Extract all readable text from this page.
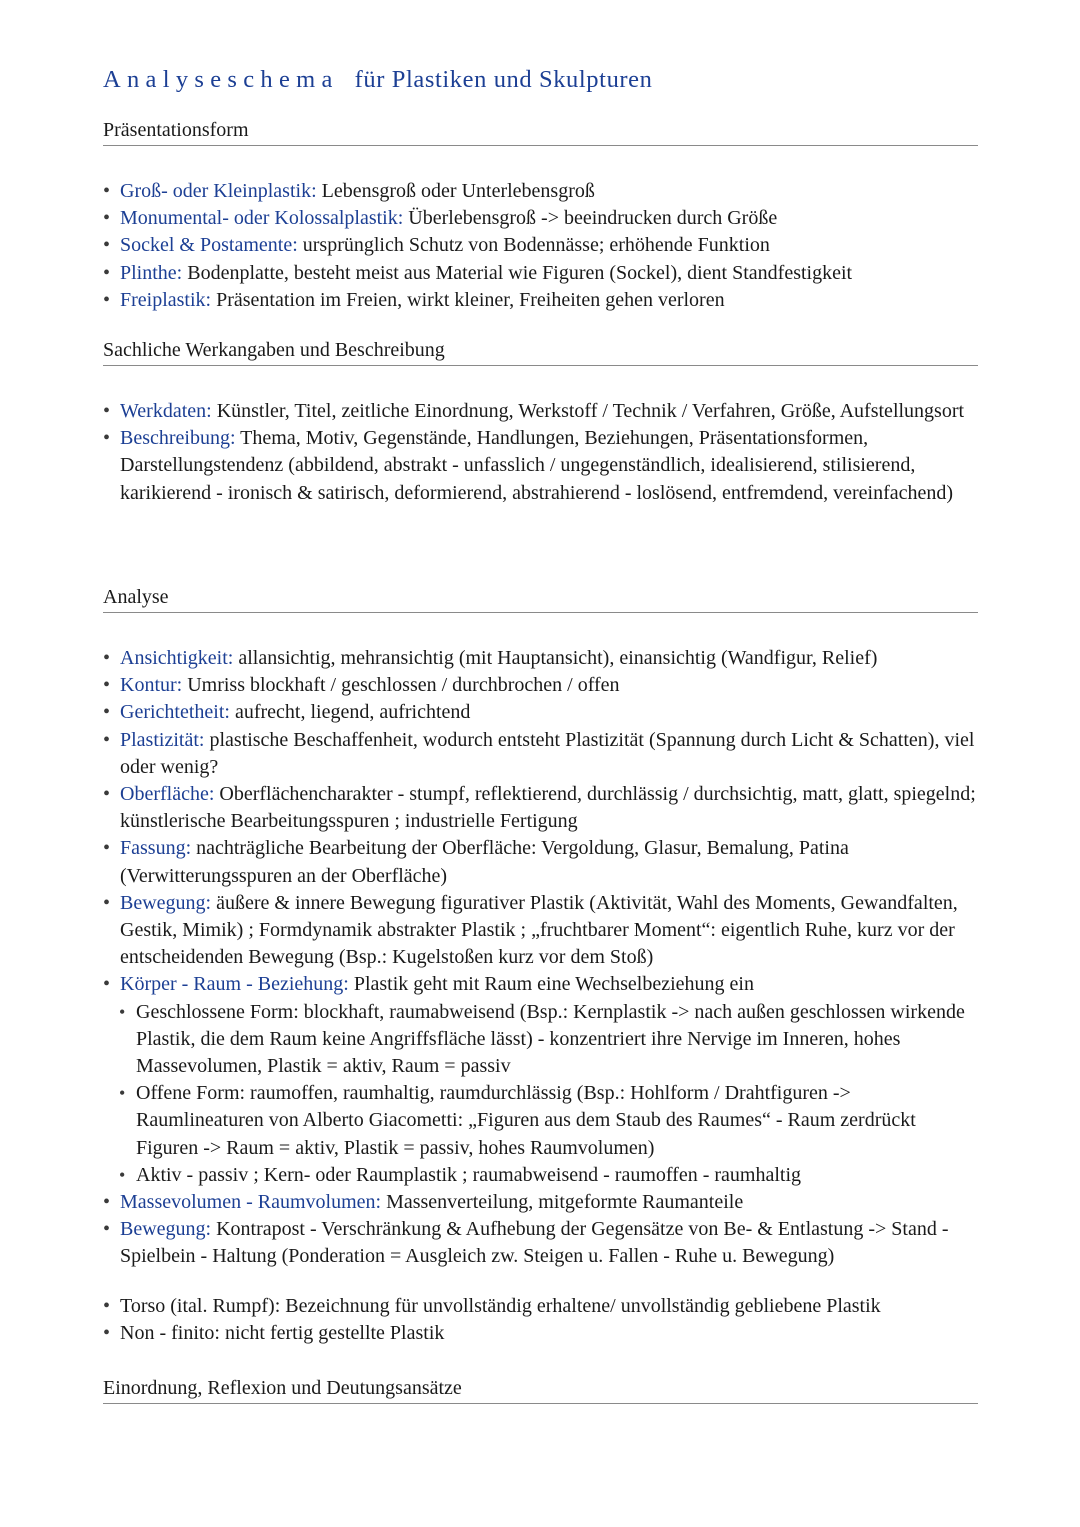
Analyseschema für Plastiken und Skulpturen
Präsentationsform
• Groß- oder Kleinplastik: Lebensgroß oder Unterlebensgroß
• Monumental- oder Kolossalplastik: Überlebensgroß -> beeindrucken durch Größe
• Sockel & Postamente: ursprünglich Schutz von Bodennässe; erhöhende Funktion
• Plinthe: Bodenplatte, besteht meist aus Material wie Figuren (Sockel), dient Standfestigkeit
• Freiplastik: Präsentation im Freien, wirkt kleiner, Freiheiten gehen verloren
Sachliche Werkangaben und Beschreibung
• Werkdaten: Künstler, Titel, zeitliche Einordnung, Werkstoff / Technik / Verfahren, Größe, Aufstellungsort
• Beschreibung: Thema, Motiv, Gegenstände, Handlungen, Beziehungen, Präsentationsformen, Darstellungstendenz (abbildend, abstrakt - unfasslich / ungegenständlich, idealisierend, stilisierend, karikierend - ironisch & satirisch, deformierend, abstrahierend - loslösend, entfremdend, vereinfachend)
Analyse
• Ansichtigkeit: allansichtig, mehransichtig (mit Hauptansicht), einansichtig (Wandfigur, Relief)
• Kontur: Umriss blockhaft / geschlossen / durchbrochen / offen
• Gerichtetheit: aufrecht, liegend, aufrichtend
• Plastizität: plastische Beschaffenheit, wodurch entsteht Plastizität (Spannung durch Licht & Schatten), viel oder wenig?
• Oberfläche: Oberflächencharakter - stumpf, reflektierend, durchlässig / durchsichtig, matt, glatt, spiegelnd; künstlerische Bearbeitungsspuren ; industrielle Fertigung
• Fassung: nachträgliche Bearbeitung der Oberfläche: Vergoldung, Glasur, Bemalung, Patina (Verwitterungsspuren an der Oberfläche)
• Bewegung: äußere & innere Bewegung figurativer Plastik (Aktivität, Wahl des Moments, Gewandfalten, Gestik, Mimik) ; Formdynamik abstrakter Plastik ; „fruchtbarer Moment“: eigentlich Ruhe, kurz vor der entscheidenden Bewegung (Bsp.: Kugelstoßen kurz vor dem Stoß)
• Körper - Raum - Beziehung: Plastik geht mit Raum eine Wechselbeziehung ein
• Geschlossene Form: blockhaft, raumabweisend (Bsp.: Kernplastik -> nach außen geschlossen wirkende Plastik, die dem Raum keine Angriffsfläche lässt) - konzentriert ihre Nervige im Inneren, hohes Massevolumen, Plastik = aktiv, Raum = passiv
• Offene Form: raumoffen, raumhaltig, raumdurchlässig (Bsp.: Hohlform / Drahtfiguren -> Raumlineaturen von Alberto Giacometti: „Figuren aus dem Staub des Raumes“ - Raum zerdrückt Figuren -> Raum = aktiv, Plastik = passiv, hohes Raumvolumen)
• Aktiv - passiv ; Kern- oder Raumplastik ; raumabweisend - raumoffen - raumhaltig
• Massevolumen - Raumvolumen: Massenverteilung, mitgeformte Raumanteile
• Bewegung: Kontrapost - Verschränkung & Aufhebung der Gegensätze von Be- & Entlastung -> Stand - Spielbein - Haltung (Ponderation = Ausgleich zw. Steigen u. Fallen - Ruhe u. Bewegung)
• Torso (ital. Rumpf): Bezeichnung für unvollständig erhaltene/ unvollständig gebliebene Plastik
• Non - finito: nicht fertig gestellte Plastik
Einordnung, Reflexion und Deutungsansätze
